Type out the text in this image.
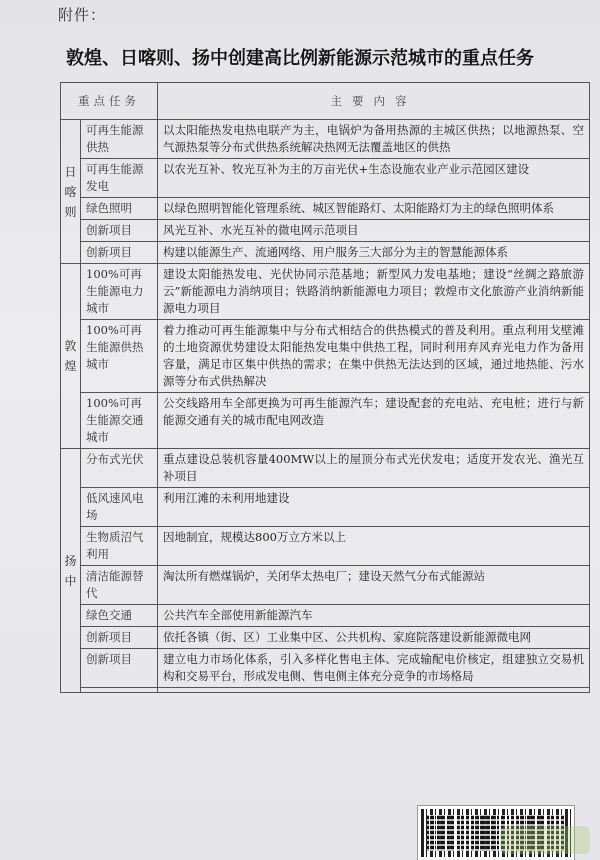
附件：
敦煌、日喀则、扬中创建高比例新能源示范城市的重点任务
重点任务		主要内容
日喀则	可再生能源供热	以太阳能热发电热电联产为主，电锅炉为备用热源的主城区供热；以地源热泵、空气源热泵等分布式供热系统解决热网无法覆盖地区的供热
	可再生能源发电	以农光互补、牧光互补为主的万亩光伏+生态设施农业产业示范园区建设
	绿色照明	以绿色照明智能化管理系统、城区智能路灯、太阳能路灯为主的绿色照明体系
	创新项目	风光互补、水光互补的微电网示范项目
	创新项目	构建以能源生产、流通网络、用户服务三大部分为主的智慧能源体系
敦煌	100%可再生能源电力城市	建设太阳能热发电、光伏协同示范基地；新型风力发电基地；建设“丝绸之路旅游云”新能源电力消纳项目；铁路消纳新能源电力项目；敦煌市文化旅游产业消纳新能源电力项目
	100%可再生能源供热城市	着力推动可再生能源集中与分布式相结合的供热模式的普及利用。重点利用戈壁滩的土地资源优势建设太阳能热发电集中供热工程，同时利用弃风弃光电力作为备用容量，满足市区集中供热的需求；在集中供热无法达到的区域，通过地热能、污水源等分布式供热解决
	100%可再生能源交通城市	公交线路用车全部更换为可再生能源汽车；建设配套的充电站、充电桩；进行与新能源交通有关的城市配电网改造
扬中	分布式光伏	重点建设总装机容量400MW以上的屋顶分布式光伏发电；适度开发农光、渔光互补项目
	低风速风电场	利用江滩的未利用地建设
	生物质沼气利用	因地制宜，规模达800万立方米以上
	清洁能源替代	淘汰所有燃煤锅炉，关闭华太热电厂；建设天然气分布式能源站
	绿色交通	公共汽车全部使用新能源汽车
	创新项目	依托各镇（街、区）工业集中区、公共机构、家庭院落建设新能源微电网
	创新项目	建立电力市场化体系，引入多样化售电主体、完成输配电价核定，组建独立交易机构和交易平台，形成发电侧、售电侧主体充分竞争的市场格局
